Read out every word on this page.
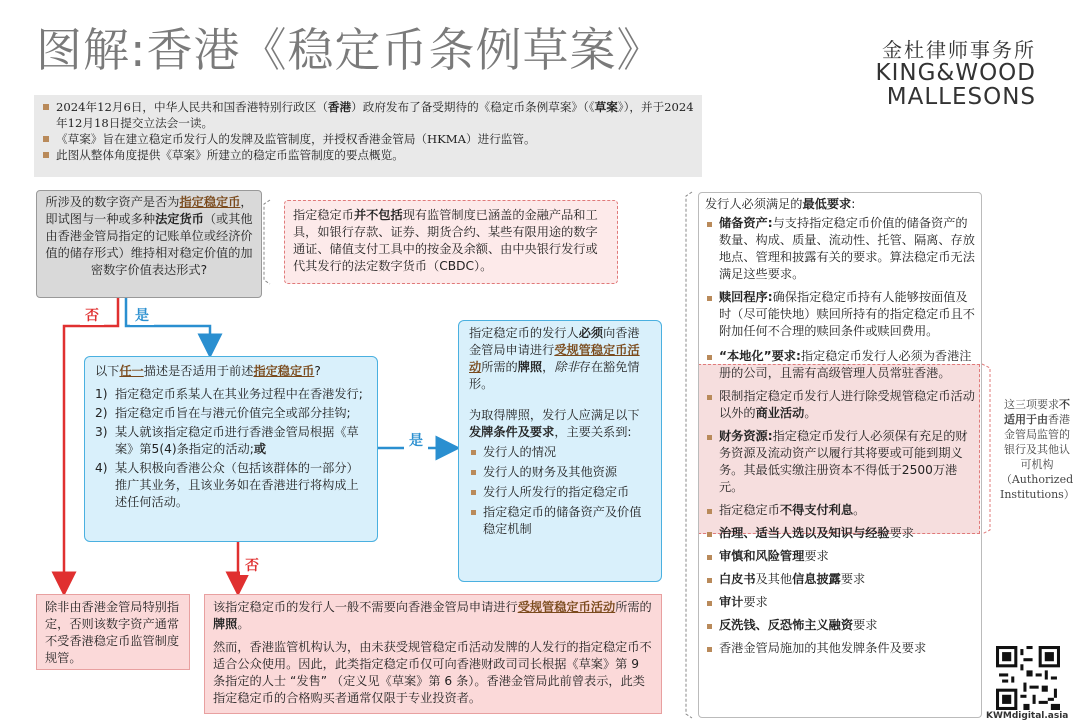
图解:香港《稳定币条例草案》	金杜律师事务所
KING&WOOD
MALLESONS
2024年12月6日，中华人民共和国香港特别行政区（香港）政府发布了备受期待的《稳定币条例草案》（《草案》），并于2024年12月18日提交立法会一读。
《草案》旨在建立稳定币发行人的发牌及监管制度，并授权香港金管局（HKMA）进行监管。
此图从整体角度提供《草案》所建立的稳定币监管制度的要点概览。
否	是
是
否
所涉及的数字资产是否为指定稳定币，即试图与一种或多种法定货币（或其他由香港金管局指定的记账单位或经济价值的储存形式）维持相对稳定价值的加密数字价值表达形式?
指定稳定币并不包括现有监管制度已涵盖的金融产品和工具，如银行存款、证券、期货合约、某些有限用途的数字通证、储值支付工具中的按金及余额、由中央银行发行或代其发行的法定数字货币（CBDC）。
以下任一描述是否适用于前述指定稳定币?
1) 指定稳定币系某人在其业务过程中在香港发行;
2) 指定稳定币旨在与港元价值完全或部分挂钩;
3) 某人就该指定稳定币进行香港金管局根据《草案》第5(4)条指定的活动;或
4) 某人积极向香港公众（包括该群体的一部分）推广其业务，且该业务如在香港进行将构成上述任何活动。
指定稳定币的发行人必须向香港金管局申请进行受规管稳定币活动所需的牌照，除非存在豁免情形。
为取得牌照，发行人应满足以下发牌条件及要求，主要关系到:
发行人的情况
发行人的财务及其他资源
发行人所发行的指定稳定币
指定稳定币的储备资产及价值稳定机制
除非由香港金管局特别指定，否则该数字资产通常不受香港稳定币监管制度规管。
该指定稳定币的发行人一般不需要向香港金管局申请进行受规管稳定币活动所需的牌照。
然而，香港监管机构认为，由未获受规管稳定币活动发牌的人发行的指定稳定币不适合公众使用。因此，此类指定稳定币仅可向香港财政司司长根据《草案》第 9 条指定的人士 “发售” （定义见《草案》第 6 条）。香港金管局此前曾表示，此类指定稳定币的合格购买者通常仅限于专业投资者。
发行人必须满足的最低要求:
储备资产:与支持指定稳定币价值的储备资产的数量、构成、质量、流动性、托管、隔离、存放地点、管理和披露有关的要求。算法稳定币无法满足这些要求。
赎回程序:确保指定稳定币持有人能够按面值及时（尽可能快地）赎回所持有的指定稳定币且不附加任何不合理的赎回条件或赎回费用。
“本地化”要求:指定稳定币发行人必须为香港注册的公司，且需有高级管理人员常驻香港。
限制指定稳定币发行人进行除受规管稳定币活动以外的商业活动。
财务资源:指定稳定币发行人必须保有充足的财务资源及流动资产以履行其将要或可能到期义务。其最低实缴注册资本不得低于2500万港元。
指定稳定币不得支付利息。
治理、适当人选以及知识与经验要求
审慎和风险管理要求
白皮书及其他信息披露要求
审计要求
反洗钱、反恐怖主义融资要求
香港金管局施加的其他发牌条件及要求
这三项要求不适用于由香港金管局监管的银行及其他认可机构（Authorized Institutions）
KWMdigital.asia
